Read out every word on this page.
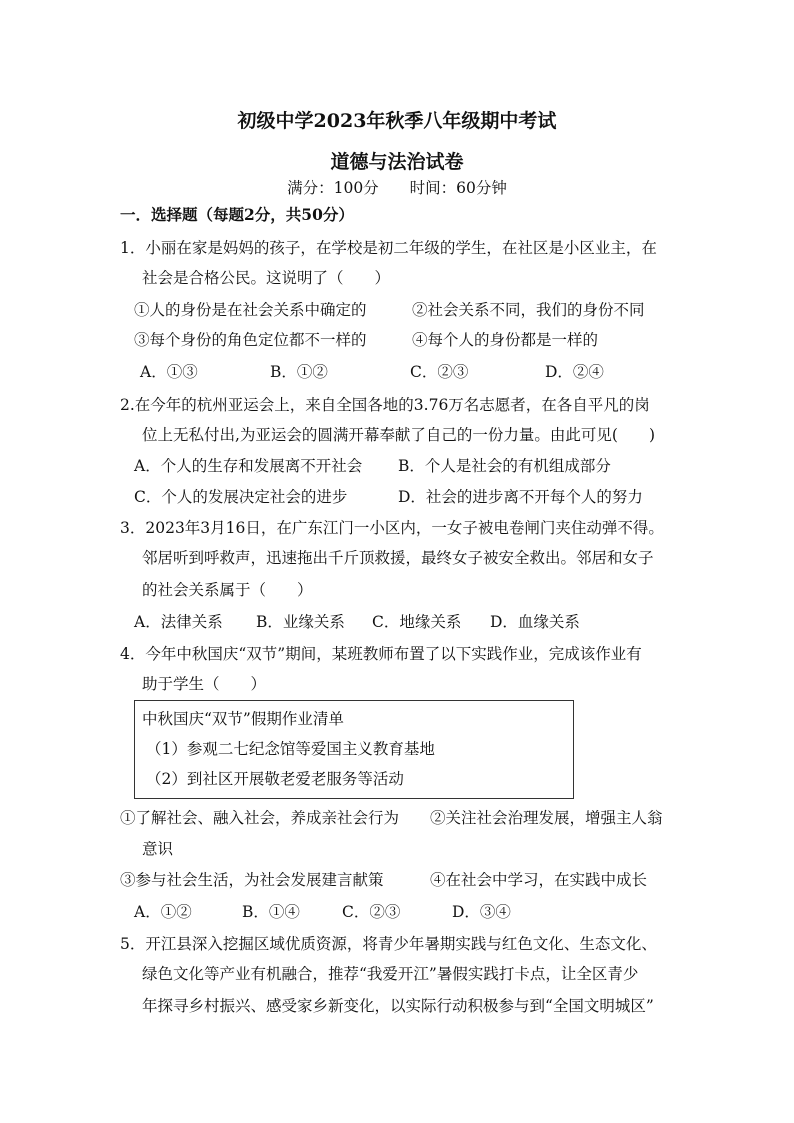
初级中学2023年秋季八年级期中考试
道德与法治试卷
满分：100分　　时间：60分钟
一．选择题（每题2分，共50分）
1．小丽在家是妈妈的孩子，在学校是初二年级的学生，在社区是小区业主，在
社会是合格公民。这说明了（　　）
①人的身份是在社会关系中确定的	②社会关系不同，我们的身份不同
③每个身份的角色定位都不一样的	④每个人的身份都是一样的
A．①③	B．①②	C．②③	D．②④
2.在今年的杭州亚运会上，来自全国各地的3.76万名志愿者，在各自平凡的岗
位上无私付出,为亚运会的圆满开幕奉献了自己的一份力量。由此可见(　　)
A．个人的生存和发展离不开社会 B．个人是社会的有机组成部分
C．个人的发展决定社会的进步	D．社会的进步离不开每个人的努力
3．2023年3月16日，在广东江门一小区内，一女子被电卷闸门夹住动弹不得。
邻居听到呼救声，迅速拖出千斤顶救援，最终女子被安全救出。邻居和女子
的社会关系属于（　　）
A．法律关系 B．业缘关系 C．地缘关系 D．血缘关系
4．今年中秋国庆“双节”期间，某班教师布置了以下实践作业，完成该作业有
助于学生（　　）
中秋国庆“双节”假期作业清单
（1）参观二七纪念馆等爱国主义教育基地
（2）到社区开展敬老爱老服务等活动
①了解社会、融入社会，养成亲社会行为 ②关注社会治理发展，增强主人翁
意识
③参与社会生活，为社会发展建言献策	④在社会中学习，在实践中成长
A．①②	B．①④	C．②③	D．③④
5．开江县深入挖掘区域优质资源，将青少年暑期实践与红色文化、生态文化、
绿色文化等产业有机融合，推荐“我爱开江”暑假实践打卡点，让全区青少
年探寻乡村振兴、感受家乡新变化，以实际行动积极参与到“全国文明城区”
